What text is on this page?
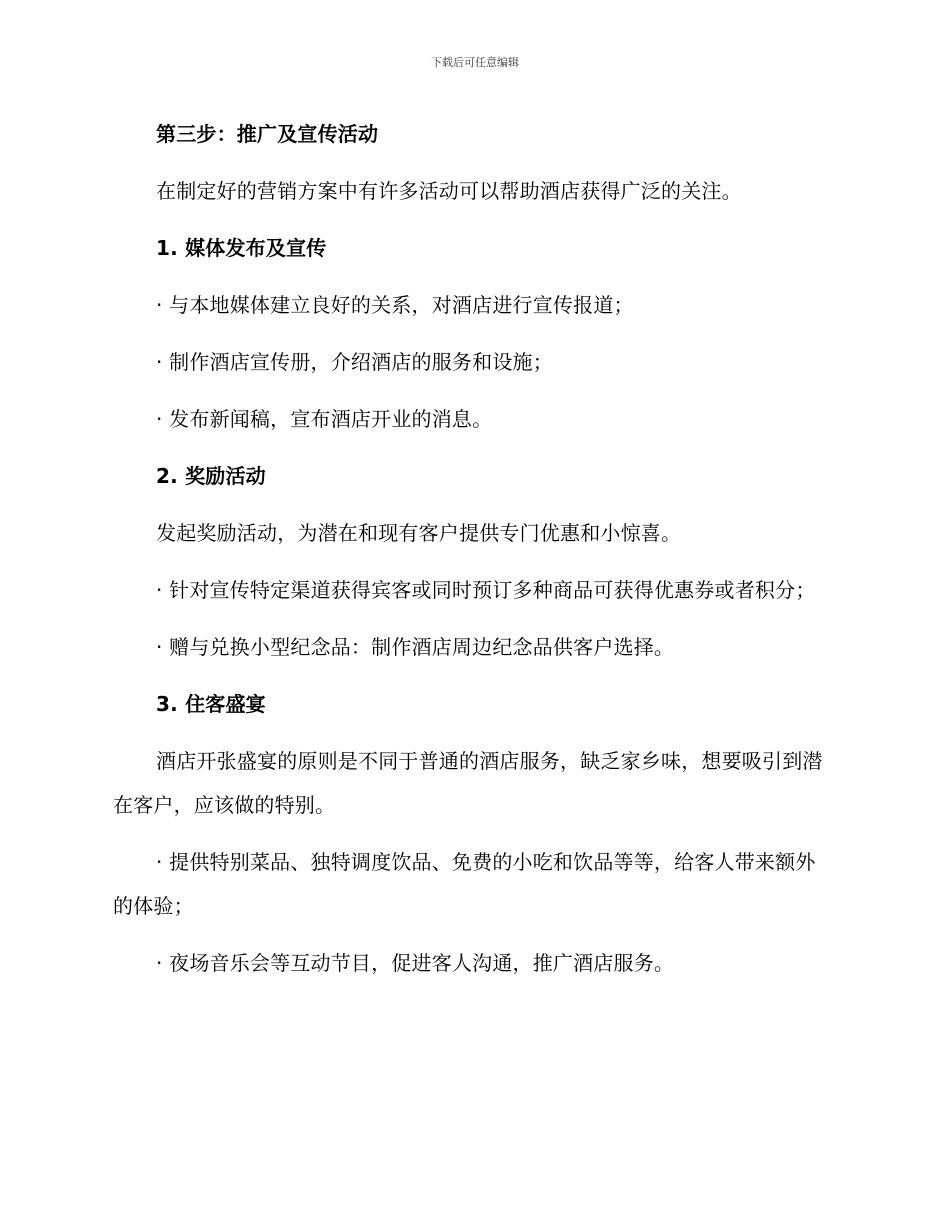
下载后可任意编辑
第三步：推广及宣传活动
在制定好的营销方案中有许多活动可以帮助酒店获得广泛的关注。
1. 媒体发布及宣传
· 与本地媒体建立良好的关系，对酒店进行宣传报道；
· 制作酒店宣传册，介绍酒店的服务和设施；
· 发布新闻稿，宣布酒店开业的消息。
2. 奖励活动
发起奖励活动，为潜在和现有客户提供专门优惠和小惊喜。
· 针对宣传特定渠道获得宾客或同时预订多种商品可获得优惠券或者积分；
· 赠与兑换小型纪念品：制作酒店周边纪念品供客户选择。
3. 住客盛宴
酒店开张盛宴的原则是不同于普通的酒店服务，缺乏家乡味，想要吸引到潜在客户，应该做的特别。
· 提供特别菜品、独特调度饮品、免费的小吃和饮品等等，给客人带来额外的体验；
· 夜场音乐会等互动节目，促进客人沟通，推广酒店服务。
